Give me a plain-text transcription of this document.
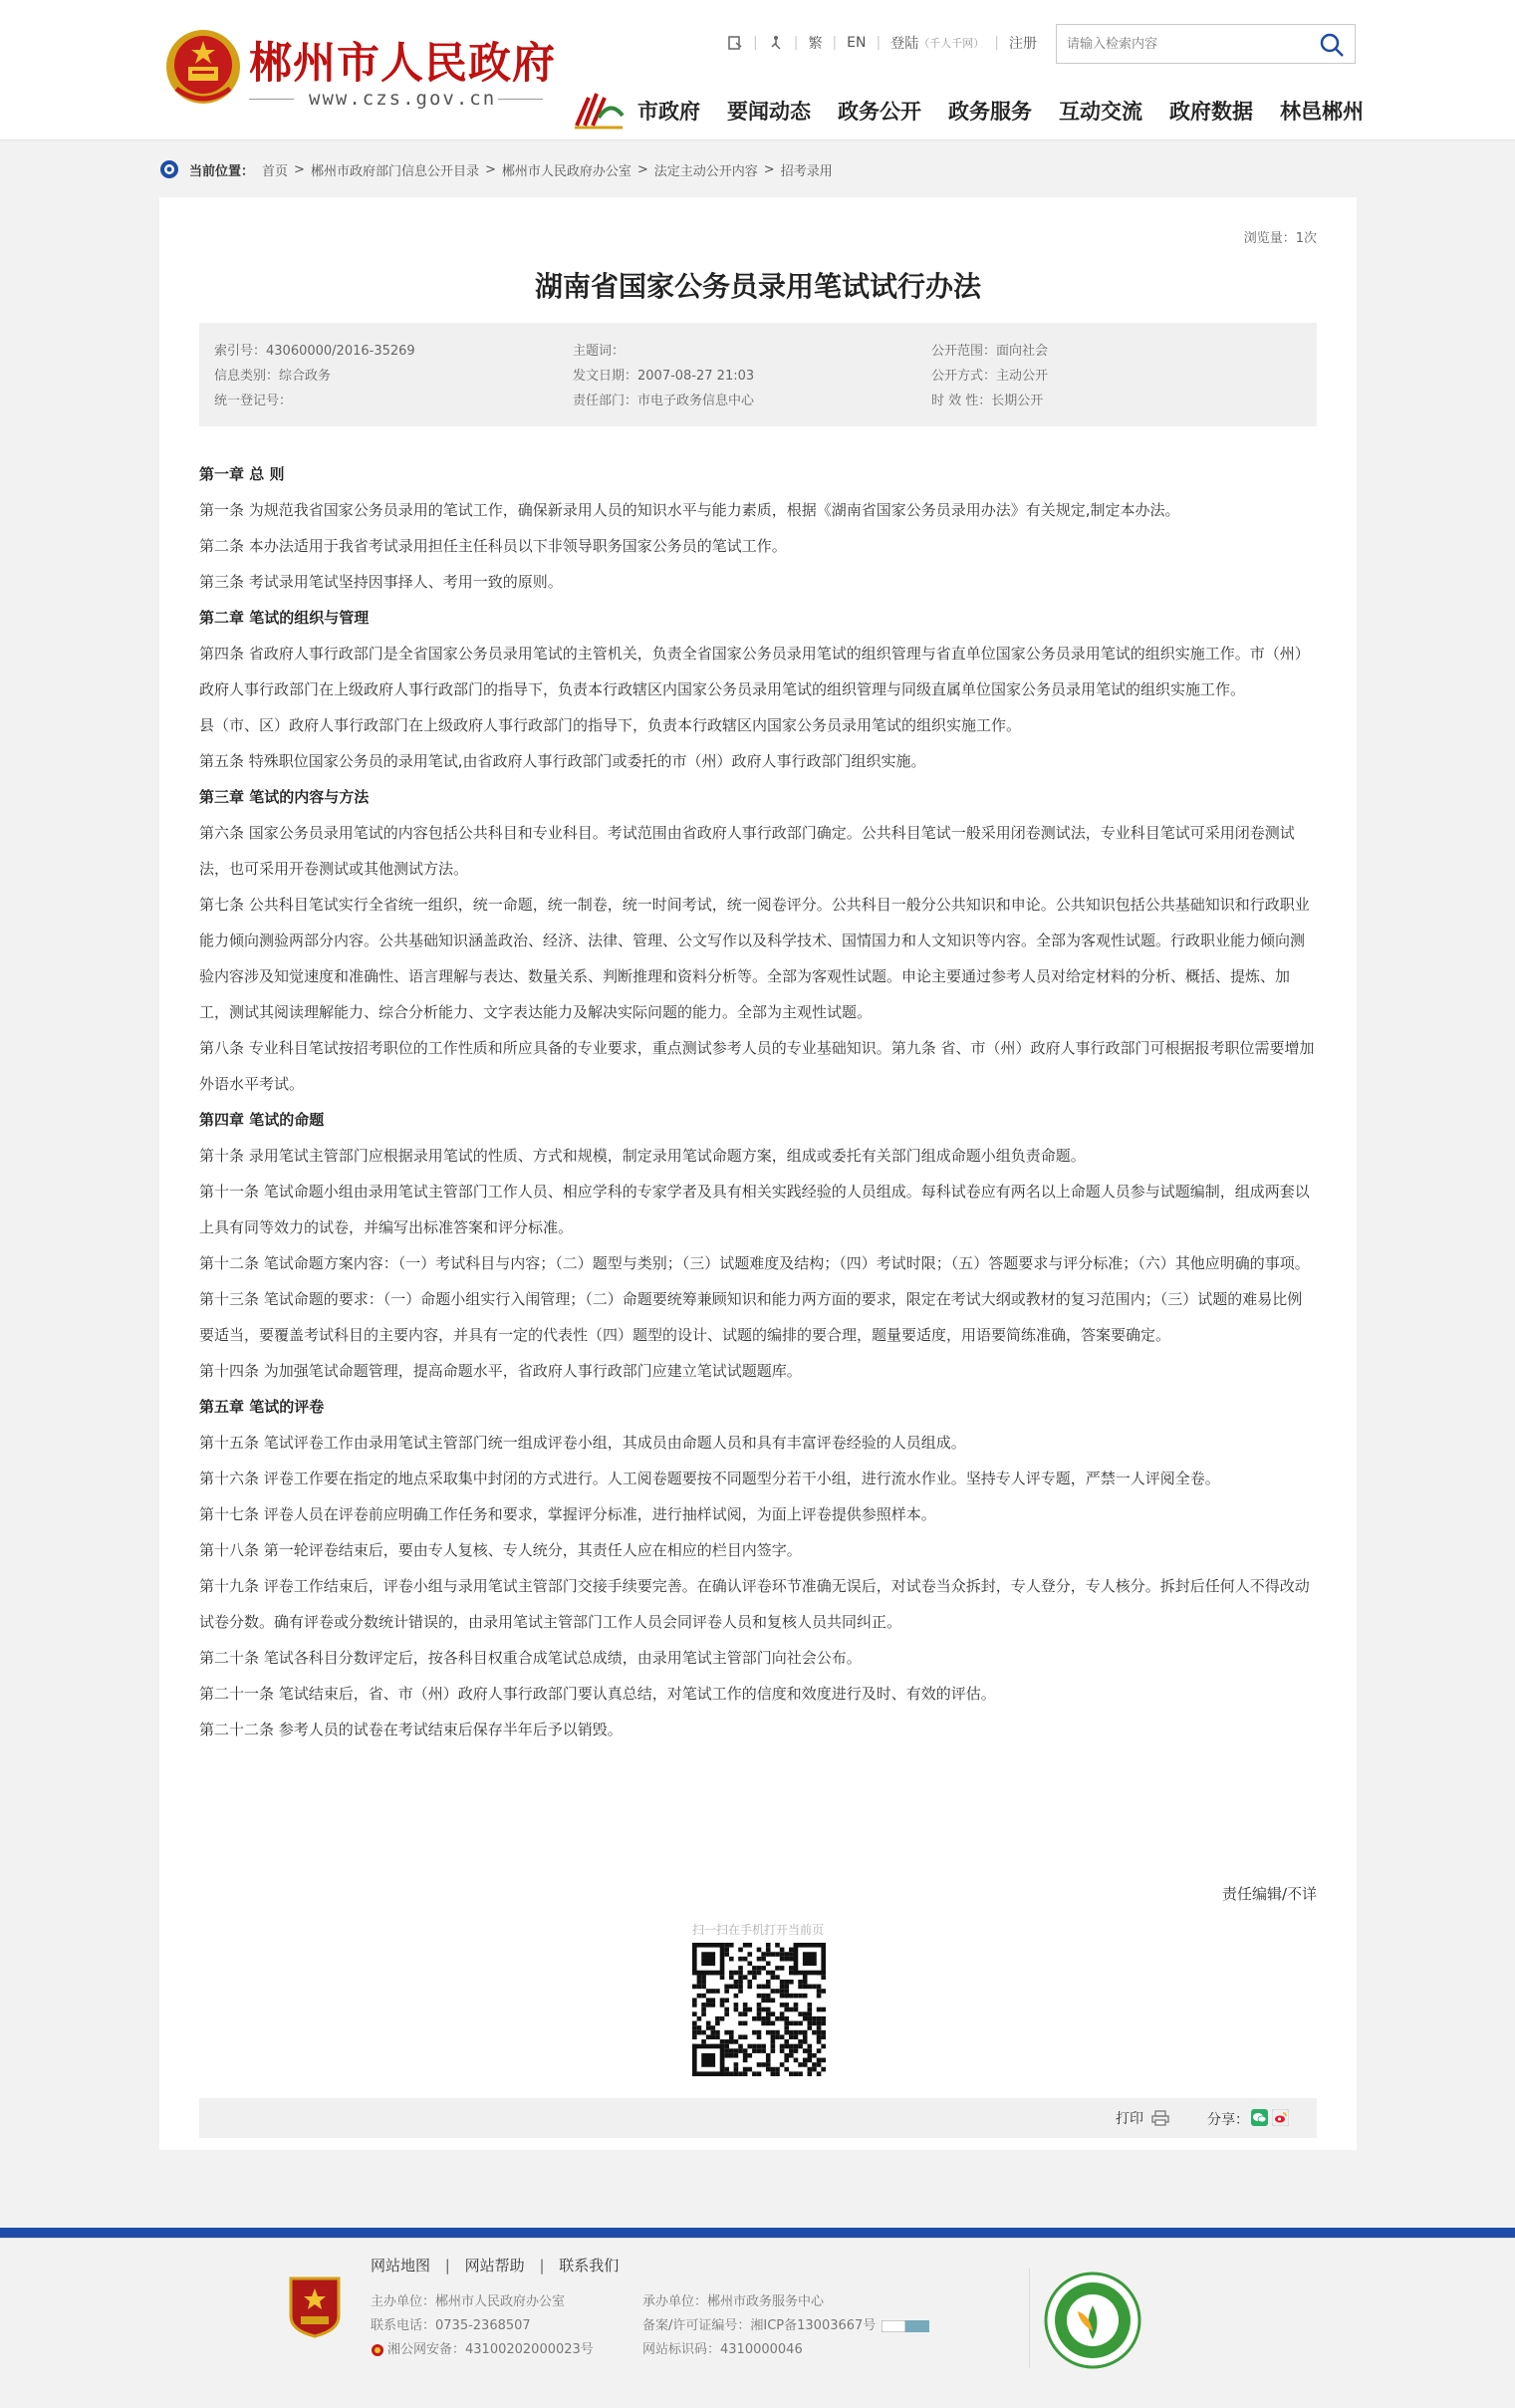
郴州市人民政府
www.czs.gov.cn
|	| 繁 | EN | 登陆 （千人千网） | 注册
请输入检索内容
市政府 要闻动态 政务公开 政务服务 互动交流 政府数据 林邑郴州
当前位置： 首页 > 郴州市政府部门信息公开目录 > 郴州市人民政府办公室 > 法定主动公开内容 > 招考录用
浏览量：1次
湖南省国家公务员录用笔试试行办法
索引号：43060000/2016-35269
信息类别：综合政务
统一登记号：
主题词：
发文日期：2007-08-27 21:03
责任部门：市电子政务信息中心
公开范围：面向社会
公开方式：主动公开
时 效 性：长期公开

第一章 总 则

第一条 为规范我省国家公务员录用的笔试工作，确保新录用人员的知识水平与能力素质，根据《湖南省国家公务员录用办法》有关规定,制定本办法。

第二条 本办法适用于我省考试录用担任主任科员以下非领导职务国家公务员的笔试工作。

第三条 考试录用笔试坚持因事择人、考用一致的原则。

第二章 笔试的组织与管理

第四条 省政府人事行政部门是全省国家公务员录用笔试的主管机关，负责全省国家公务员录用笔试的组织管理与省直单位国家公务员录用笔试的组织实施工作。市（州）政府人事行政部门在上级政府人事行政部门的指导下，负责本行政辖区内国家公务员录用笔试的组织管理与同级直属单位国家公务员录用笔试的组织实施工作。

县（市、区）政府人事行政部门在上级政府人事行政部门的指导下，负责本行政辖区内国家公务员录用笔试的组织实施工作。

第五条 特殊职位国家公务员的录用笔试,由省政府人事行政部门或委托的市（州）政府人事行政部门组织实施。

第三章 笔试的内容与方法

第六条 国家公务员录用笔试的内容包括公共科目和专业科目。考试范围由省政府人事行政部门确定。公共科目笔试一般采用闭卷测试法，专业科目笔试可采用闭卷测试法，也可采用开卷测试或其他测试方法。

第七条 公共科目笔试实行全省统一组织，统一命题，统一制卷，统一时间考试，统一阅卷评分。公共科目一般分公共知识和申论。公共知识包括公共基础知识和行政职业能力倾向测验两部分内容。公共基础知识涵盖政治、经济、法律、管理、公文写作以及科学技术、国情国力和人文知识等内容。全部为客观性试题。行政职业能力倾向测验内容涉及知觉速度和准确性、语言理解与表达、数量关系、判断推理和资料分析等。全部为客观性试题。申论主要通过参考人员对给定材料的分析、概括、提炼、加工，测试其阅读理解能力、综合分析能力、文字表达能力及解决实际问题的能力。全部为主观性试题。

第八条 专业科目笔试按招考职位的工作性质和所应具备的专业要求，重点测试参考人员的专业基础知识。第九条 省、市（州）政府人事行政部门可根据报考职位需要增加外语水平考试。

第四章 笔试的命题

第十条 录用笔试主管部门应根据录用笔试的性质、方式和规模，制定录用笔试命题方案，组成或委托有关部门组成命题小组负责命题。

第十一条 笔试命题小组由录用笔试主管部门工作人员、相应学科的专家学者及具有相关实践经验的人员组成。每科试卷应有两名以上命题人员参与试题编制，组成两套以上具有同等效力的试卷，并编写出标准答案和评分标准。

第十二条 笔试命题方案内容：（一）考试科目与内容；（二）题型与类别；（三）试题难度及结构；（四）考试时限；（五）答题要求与评分标准；（六）其他应明确的事项。

第十三条 笔试命题的要求：（一）命题小组实行入闱管理；（二）命题要统筹兼顾知识和能力两方面的要求，限定在考试大纲或教材的复习范围内；（三）试题的难易比例要适当，要覆盖考试科目的主要内容，并具有一定的代表性（四）题型的设计、试题的编排的要合理，题量要适度，用语要简练准确，答案要确定。

第十四条 为加强笔试命题管理，提高命题水平，省政府人事行政部门应建立笔试试题题库。

第五章 笔试的评卷

第十五条 笔试评卷工作由录用笔试主管部门统一组成评卷小组，其成员由命题人员和具有丰富评卷经验的人员组成。

第十六条 评卷工作要在指定的地点采取集中封闭的方式进行。人工阅卷题要按不同题型分若干小组，进行流水作业。坚持专人评专题，严禁一人评阅全卷。

第十七条 评卷人员在评卷前应明确工作任务和要求，掌握评分标准，进行抽样试阅，为面上评卷提供参照样本。

第十八条 第一轮评卷结束后，要由专人复核、专人统分，其责任人应在相应的栏目内签字。

第十九条 评卷工作结束后，评卷小组与录用笔试主管部门交接手续要完善。在确认评卷环节准确无误后，对试卷当众拆封，专人登分，专人核分。拆封后任何人不得改动试卷分数。确有评卷或分数统计错误的，由录用笔试主管部门工作人员会同评卷人员和复核人员共同纠正。

第二十条 笔试各科目分数评定后，按各科目权重合成笔试总成绩，由录用笔试主管部门向社会公布。

第二十一条 笔试结束后，省、市（州）政府人事行政部门要认真总结，对笔试工作的信度和效度进行及时、有效的评估。

第二十二条 参考人员的试卷在考试结束后保存半年后予以销毁。

责任编辑/不详
扫一扫在手机打开当前页
打印	分享：
网站地图 | 网站帮助 | 联系我们
主办单位：郴州市人民政府办公室
联系电话：0735-2368507
湘公网安备：43100202000023号
承办单位：郴州市政务服务中心
备案/许可证编号：湘ICP备13003667号
网站标识码：4310000046
